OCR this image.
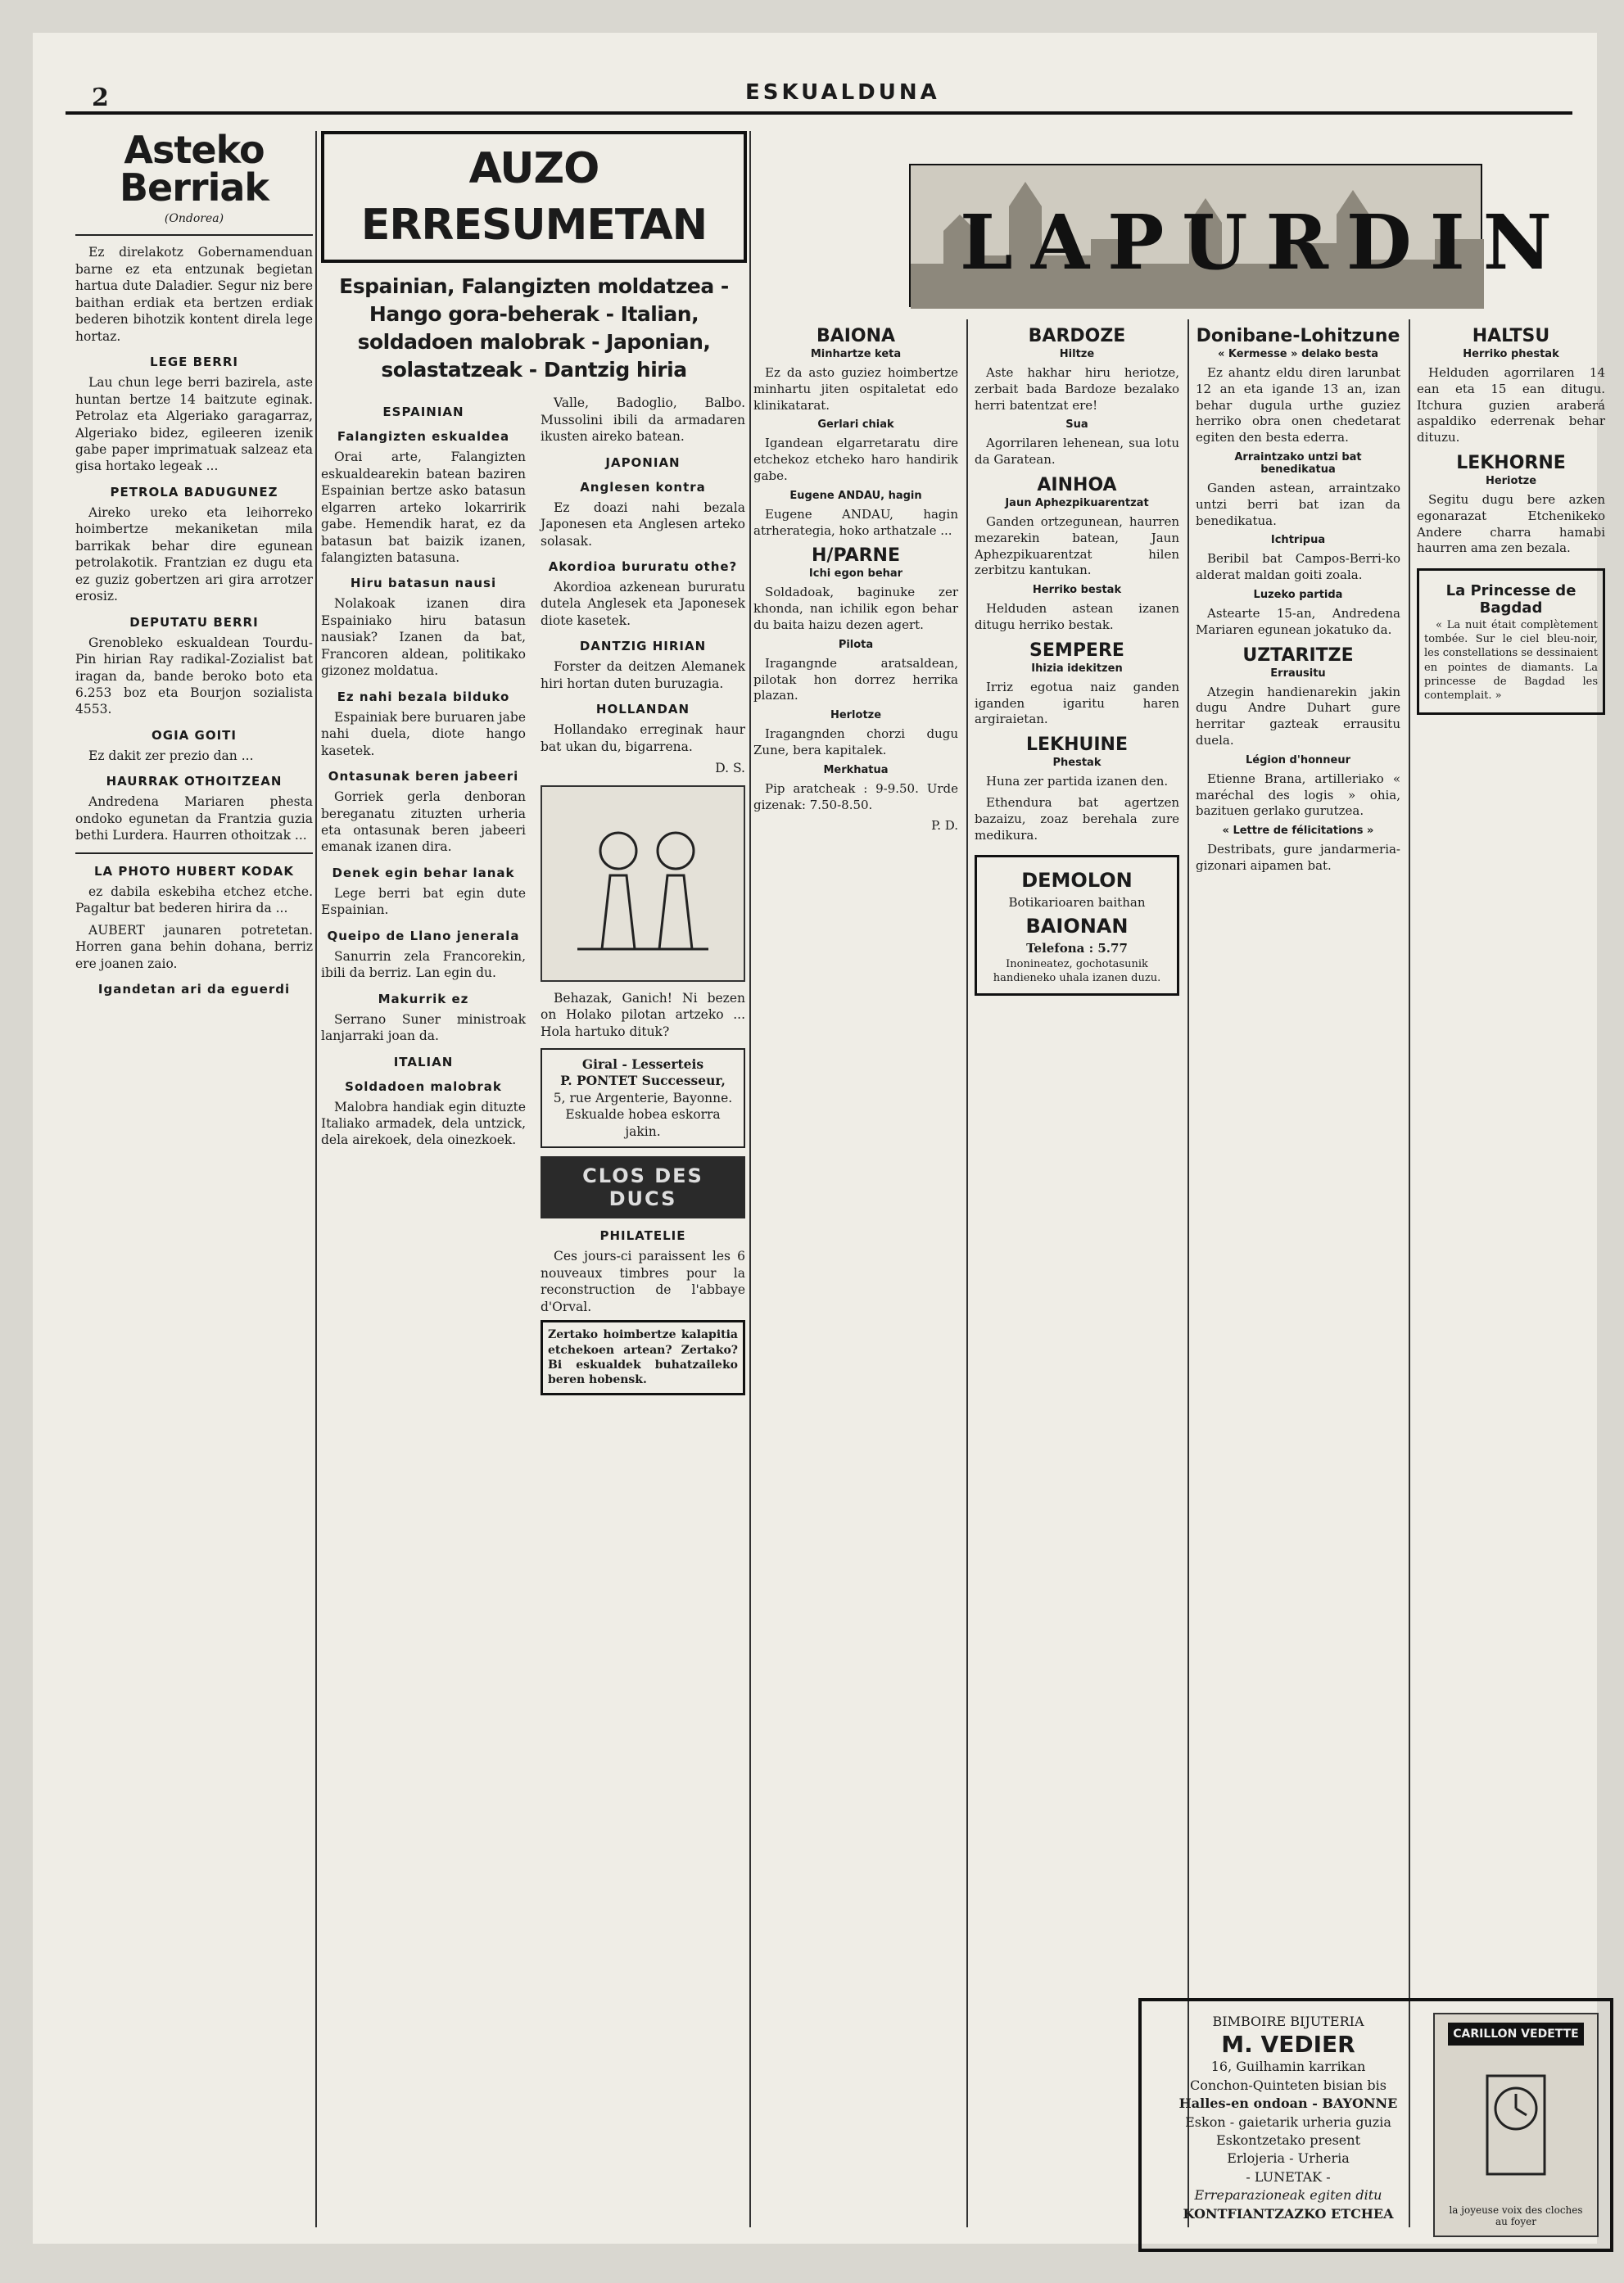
2	ESKUALDUNA
Asteko Berriak
(Ondorea)

Ez direlakotz Gobernamenduan barne ez eta entzunak begietan hartua dute Daladier. Segur niz bere baithan erdiak eta bertzen erdiak bederen bihotzik kontent direla lege hortaz.

LEGE BERRI

Lau chun lege berri bazirela, aste huntan bertze 14 baitzute eginak. Petrolaz eta Algeriako garagarraz, Algeriako bidez, egileeren izenik gabe paper imprimatuak salzeaz eta gisa hortako legeak ...

PETROLA BADUGUNEZ

Aireko ureko eta leihorreko hoimbertze mekaniketan mila barrikak behar dire egunean petrolakotik. Frantzian ez dugu eta ez guziz gobertzen ari gira arrotzer erosiz.

DEPUTATU BERRI

Grenobleko eskualdean Tourdu-Pin hirian Ray radikal-Zozialist bat iragan da, bande beroko boto eta 6.253 boz eta Bourjon sozialista 4553.

OGIA GOITI

Ez dakit zer prezio dan ...

HAURRAK OTHOITZEAN

Andredena Mariaren phesta ondoko egunetan da Frantzia guzia bethi Lurdera. Haurren othoitzak ...

LA PHOTO HUBERT KODAK

ez dabila eskebiha etchez etche. Pagaltur bat bederen hirira da ...

AUBERT jaunaren potretetan. Horren gana behin dohana, berriz ere joanen zaio.

Igandetan ari da eguerdi
AUZO ERRESUMETAN
Espainian, Falangizten moldatzea - Hango gora-beherak - Italian, soldadoen malobrak - Japonian, solastatzeak - Dantzig hiria
ESPAINIAN
Falangizten eskualdea

Orai arte, Falangizten eskualdearekin batean baziren Espainian bertze asko batasun elgarren arteko lokarririk gabe. Hemendik harat, ez da batasun bat baizik izanen, falangizten batasuna.

Hiru batasun nausi

Nolakoak izanen dira Espainiako hiru batasun nausiak? Izanen da bat, Francoren aldean, politikako gizonez moldatua.

Ez nahi bezala bilduko

Espainiak bere buruaren jabe nahi duela, diote hango kasetek.

Ontasunak beren jabeeri

Gorriek gerla denboran bereganatu zituzten urheria eta ontasunak beren jabeeri emanak izanen dira.

Denek egin behar lanak

Lege berri bat egin dute Espainian.

Queipo de Llano jenerala

Sanurrin zela Francorekin, ibili da berriz. Lan egin du.

Makurrik ez

Serrano Suner ministroak lanjarraki joan da.

ITALIAN
Soldadoen malobrak

Malobra handiak egin dituzte Italiako armadek, dela untzick, dela airekoek, dela oinezkoek.

Valle, Badoglio, Balbo. Mussolini ibili da armadaren ikusten aireko batean.

JAPONIAN
Anglesen kontra

Ez doazi nahi bezala Japonesen eta Anglesen arteko solasak.

Akordioa bururatu othe?

Akordioa azkenean bururatu dutela Anglesek eta Japonesek diote kasetek.

DANTZIG HIRIAN

Forster da deitzen Alemanek hiri hortan duten buruzagia.

HOLLANDAN

Hollandako erreginak haur bat ukan du, bigarrena.

D. S.

Behazak, Ganich! Ni bezen on Holako pilotan artzeko ... Hola hartuko dituk?

Giral - Lesserteis
P. PONTET Successeur,
5, rue Argenterie, Bayonne.
Eskualde hobea eskorra jakin.
CLOS DES DUCS
PHILATELIE

Ces jours-ci paraissent les 6 nouveaux timbres pour la reconstruction de l'abbaye d'Orval.

Zertako hoimbertze kalapitia etchekoen artean? Zertako? Bi eskualdek buhatzaileko beren hobensk.
LAPURDIN
BAIONA
Minhartze keta

Ez da asto guziez hoimbertze minhartu jiten ospitaletat edo klinikatarat.

Gerlari chiak

Igandean elgarretaratu dire etchekoz etcheko haro handirik gabe.

Eugene ANDAU, hagin

Eugene ANDAU, hagin atrherategia, hoko arthatzale ...

H/PARNE
Ichi egon behar

Soldadoak, baginuke zer khonda, nan ichilik egon behar du baita haizu dezen agert.

Pilota

Iragangnde aratsaldean, pilotak hon dorrez herrika plazan.

Herlotze

Iragangnden chorzi dugu Zune, bera kapitalek.

Merkhatua

Pip aratcheak : 9-9.50. Urde gizenak: 7.50-8.50.

P. D.

BARDOZE
Hiltze

Aste hakhar hiru heriotze, zerbait bada Bardoze bezalako herri batentzat ere!

Sua

Agorrilaren lehenean, sua lotu da Garatean.

AINHOA
Jaun Aphezpikuarentzat

Ganden ortzegunean, haurren mezarekin batean, Jaun Aphezpikuarentzat hilen zerbitzu kantukan.

Herriko bestak

Helduden astean izanen ditugu herriko bestak.

SEMPERE
Ihizia idekitzen

Irriz egotua naiz ganden iganden igaritu haren argiraietan.

LEKHUINE
Phestak

Huna zer partida izanen den.

Ethendura bat agertzen bazaizu, zoaz berehala zure medikura.

DEMOLON
Botikarioaren baithan
BAIONAN
Telefona : 5.77
Inonineatez, gochotasunik handieneko uhala izanen duzu.
Donibane-Lohitzune
« Kermesse » delako besta

Ez ahantz eldu diren larunbat 12 an eta igande 13 an, izan behar dugula urthe guziez herriko obra onen chedetarat egiten den besta ederra.

Arraintzako untzi bat benedikatua

Ganden astean, arraintzako untzi berri bat izan da benedikatua.

Ichtripua

Beribil bat Campos-Berri-ko alderat maldan goiti zoala.

Luzeko partida

Astearte 15-an, Andredena Mariaren egunean jokatuko da.

UZTARITZE
Errausitu

Atzegin handienarekin jakin dugu Andre Duhart gure herritar gazteak errausitu duela.

Légion d'honneur

Etienne Brana, artilleriako « maréchal des logis » ohia, bazituen gerlako gurutzea.

« Lettre de félicitations »

Destribats, gure jandarmeria-gizonari aipamen bat.

HALTSU
Herriko phestak

Helduden agorrilaren 14 ean eta 15 ean ditugu. Itchura guzien araberá aspaldiko ederrenak behar dituzu.

LEKHORNE
Heriotze

Segitu dugu bere azken egonarazat Etchenikeko Andere charra hamabi haurren ama zen bezala.

La Princesse de Bagdad

« La nuit était complètement tombée. Sur le ciel bleu-noir, les constellations se dessinaient en pointes de diamants. La princesse de Bagdad les contemplait. »

BIMBOIRE BIJUTERIA
M. VEDIER
16, Guilhamin karrikan
Conchon-Quinteten bisian bis
Halles-en ondoan - BAYONNE
Eskon - gaietarik urheria guzia
Eskontzetako present
Erlojeria - Urheria
- LUNETAK -
Erreparazioneak egiten ditu
KONTFIANTZAZKO ETCHEA
CARILLON VEDETTE
la joyeuse voix des cloches au foyer
